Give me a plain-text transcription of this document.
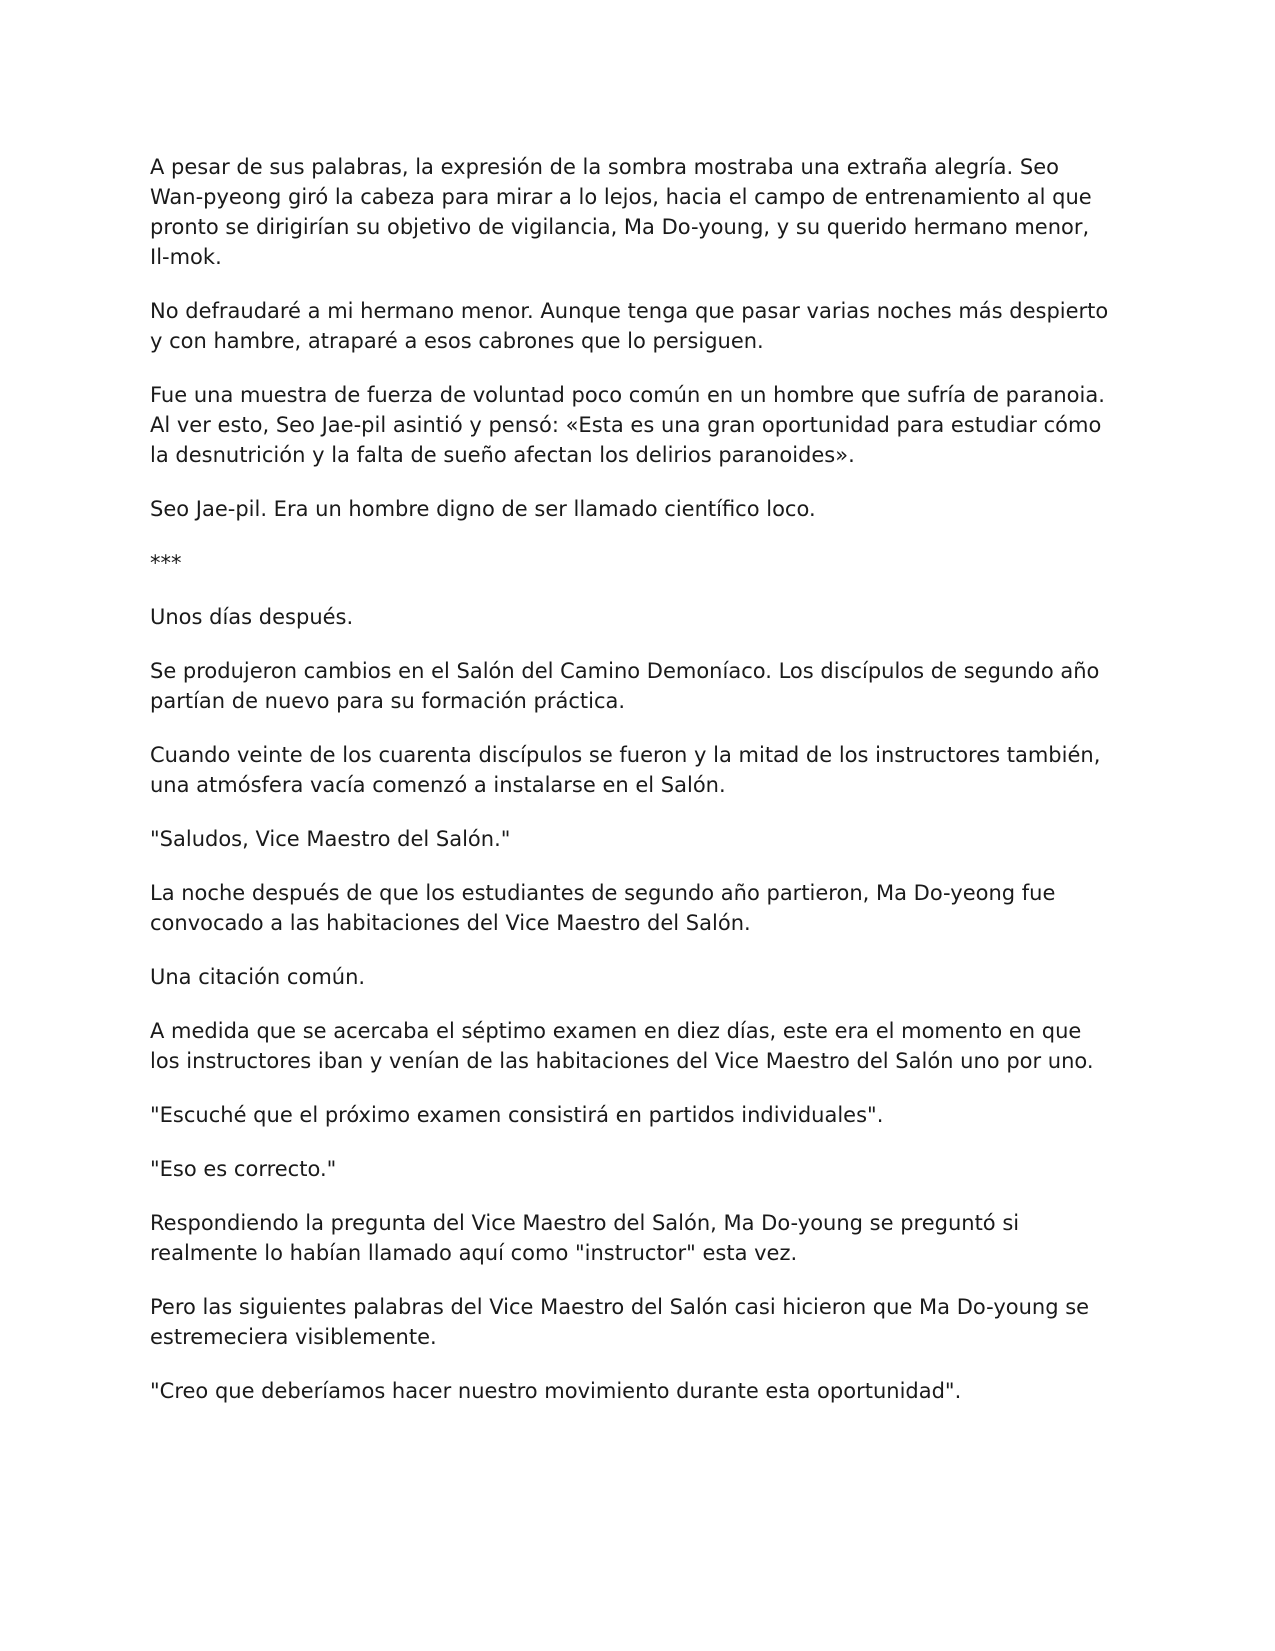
A pesar de sus palabras, la expresión de la sombra mostraba una extraña alegría. Seo Wan-pyeong giró la cabeza para mirar a lo lejos, hacia el campo de entrenamiento al que pronto se dirigirían su objetivo de vigilancia, Ma Do-young, y su querido hermano menor, Il-mok.

No defraudaré a mi hermano menor. Aunque tenga que pasar varias noches más despierto y con hambre, atraparé a esos cabrones que lo persiguen.

Fue una muestra de fuerza de voluntad poco común en un hombre que sufría de paranoia. Al ver esto, Seo Jae-pil asintió y pensó: «Esta es una gran oportunidad para estudiar cómo la desnutrición y la falta de sueño afectan los delirios paranoides».

Seo Jae-pil. Era un hombre digno de ser llamado científico loco.

***

Unos días después.

Se produjeron cambios en el Salón del Camino Demoníaco. Los discípulos de segundo año partían de nuevo para su formación práctica.

Cuando veinte de los cuarenta discípulos se fueron y la mitad de los instructores también, una atmósfera vacía comenzó a instalarse en el Salón.

"Saludos, Vice Maestro del Salón."

La noche después de que los estudiantes de segundo año partieron, Ma Do-yeong fue convocado a las habitaciones del Vice Maestro del Salón.

Una citación común.

A medida que se acercaba el séptimo examen en diez días, este era el momento en que los instructores iban y venían de las habitaciones del Vice Maestro del Salón uno por uno.

"Escuché que el próximo examen consistirá en partidos individuales".

"Eso es correcto."

Respondiendo la pregunta del Vice Maestro del Salón, Ma Do-young se preguntó si realmente lo habían llamado aquí como "instructor" esta vez.

Pero las siguientes palabras del Vice Maestro del Salón casi hicieron que Ma Do-young se estremeciera visiblemente.

"Creo que deberíamos hacer nuestro movimiento durante esta oportunidad".
